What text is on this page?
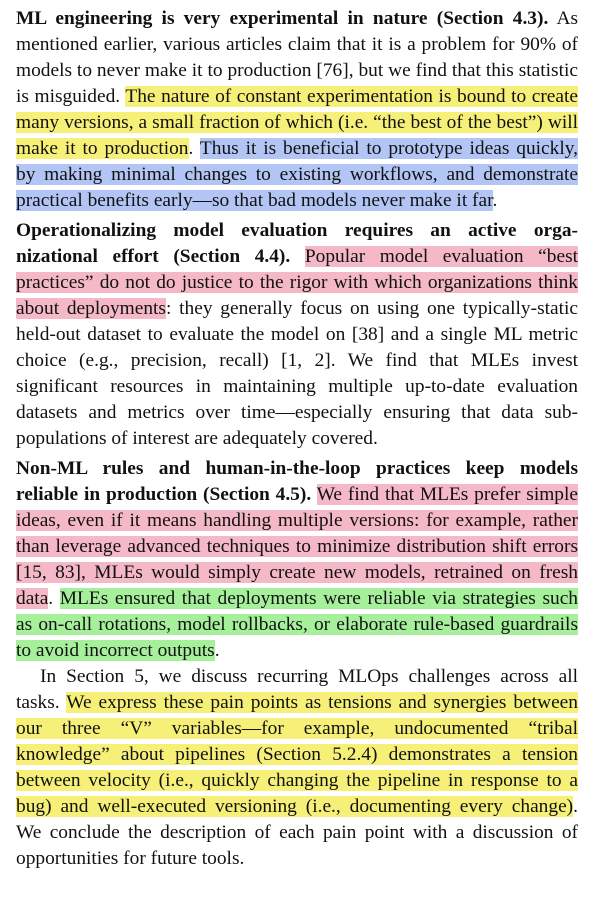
ML engineering is very experimental in nature (Section 4.3). As mentioned earlier, various articles claim that it is a problem for 90% of models to never make it to production [76], but we find that this statistic is misguided. The nature of constant experimentation is bound to create many versions, a small fraction of which (i.e. “the best of the best”) will make it to production. Thus it is beneficial to prototype ideas quickly, by making minimal changes to existing workflows, and demonstrate practical benefits early—so that bad models never make it far.

Operationalizing model evaluation requires an active organizational effort (Section 4.4). Popular model evaluation “best practices” do not do justice to the rigor with which organizations think about deployments: they generally focus on using one typically-static held-out dataset to evaluate the model on [38] and a single ML metric choice (e.g., precision, recall) [1, 2]. We find that MLEs invest significant resources in maintaining multiple up-to-date evaluation datasets and metrics over time—especially ensuring that data sub-populations of interest are adequately covered.

Non-ML rules and human-in-the-loop practices keep models reliable in production (Section 4.5). We find that MLEs prefer simple ideas, even if it means handling multiple versions: for example, rather than leverage advanced techniques to minimize distribution shift errors [15, 83], MLEs would simply create new models, retrained on fresh data. MLEs ensured that deployments were reliable via strategies such as on-call rotations, model rollbacks, or elaborate rule-based guardrails to avoid incorrect outputs.

In Section 5, we discuss recurring MLOps challenges across all tasks. We express these pain points as tensions and synergies between our three “V” variables—for example, undocumented “tribal knowledge” about pipelines (Section 5.2.4) demonstrates a tension between velocity (i.e., quickly changing the pipeline in response to a bug) and well-executed versioning (i.e., documenting every change). We conclude the description of each pain point with a discussion of opportunities for future tools.
